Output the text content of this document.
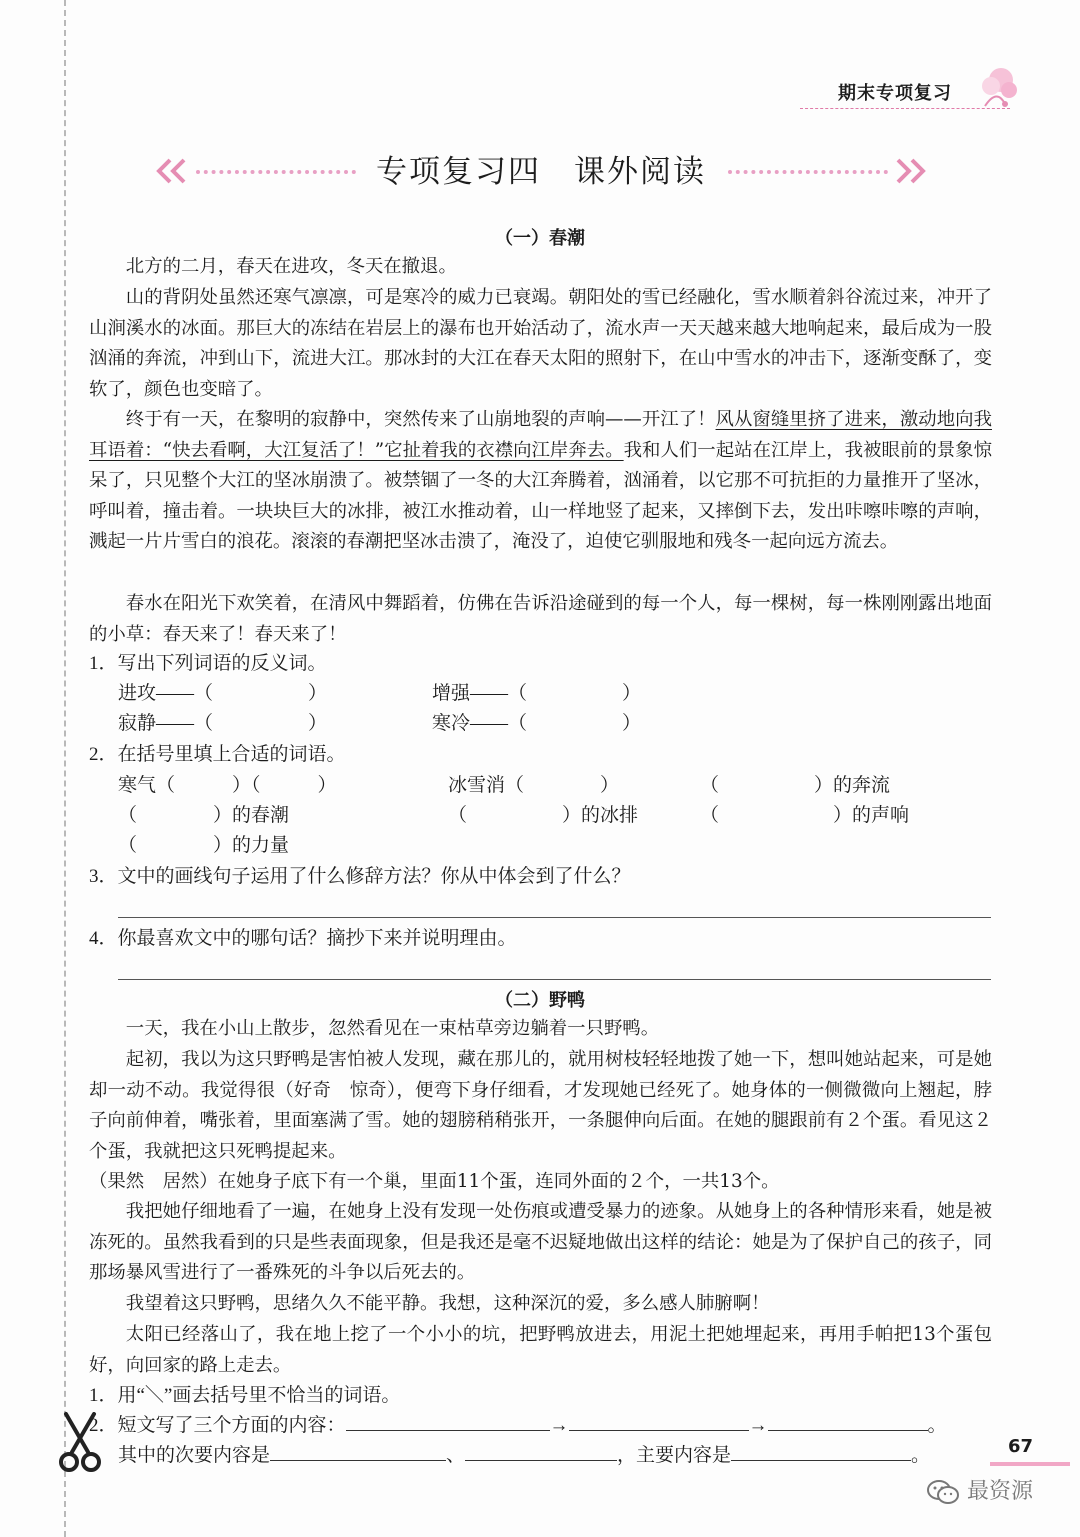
期末专项复习
专项复习四　课外阅读
（一）春潮

北方的二月，春天在进攻，冬天在撤退。

山的背阴处虽然还寒气凛凛，可是寒冷的威力已衰竭。朝阳处的雪已经融化，雪水顺着斜谷流过来，冲开了山涧溪水的冰面。那巨大的冻结在岩层上的瀑布也开始活动了，流水声一天天越来越大地响起来，最后成为一股汹涌的奔流，冲到山下，流进大江。那冰封的大江在春天太阳的照射下，在山中雪水的冲击下，逐渐变酥了，变软了，颜色也变暗了。

终于有一天，在黎明的寂静中，突然传来了山崩地裂的声响——开江了！风从窗缝里挤了进来，激动地向我耳语着：“快去看啊，大江复活了！”它扯着我的衣襟向江岸奔去。我和人们一起站在江岸上，我被眼前的景象惊呆了，只见整个大江的坚冰崩溃了。被禁锢了一冬的大江奔腾着，汹涌着，以它那不可抗拒的力量推开了坚冰，呼叫着，撞击着。一块块巨大的冰排，被江水推动着，山一样地竖了起来，又摔倒下去，发出咔嚓咔嚓的声响，溅起一片片雪白的浪花。滚滚的春潮把坚冰击溃了，淹没了，迫使它驯服地和残冬一起向远方流去。

春水在阳光下欢笑着，在清风中舞蹈着，仿佛在告诉沿途碰到的每一个人，每一棵树，每一株刚刚露出地面的小草：春天来了！春天来了！

1．写出下列词语的反义词。
进攻——（　　　　　）	增强——（　　　　　）
寂静——（　　　　　）	寒冷——（　　　　　）
2．在括号里填上合适的词语。
寒气（　　　）（　　　）	冰雪消（　　　　）	（　　　　　）的奔流
（　　　　）的春潮	（　　　　　）的冰排	（　　　　　　）的声响
（　　　　）的力量
3．文中的画线句子运用了什么修辞方法？你从中体会到了什么？
4．你最喜欢文中的哪句话？摘抄下来并说明理由。
（二）野鸭

一天，我在小山上散步，忽然看见在一束枯草旁边躺着一只野鸭。

起初，我以为这只野鸭是害怕被人发现，藏在那儿的，就用树枝轻轻地拨了她一下，想叫她站起来，可是她却一动不动。我觉得很（好奇　惊奇），便弯下身仔细看，才发现她已经死了。她身体的一侧微微向上翘起，脖子向前伸着，嘴张着，里面塞满了雪。她的翅膀稍稍张开，一条腿伸向后面。在她的腿跟前有２个蛋。看见这２个蛋，我就把这只死鸭提起来。

（果然　居然）在她身子底下有一个巢，里面11个蛋，连同外面的２个，一共13个。

我把她仔细地看了一遍，在她身上没有发现一处伤痕或遭受暴力的迹象。从她身上的各种情形来看，她是被冻死的。虽然我看到的只是些表面现象，但是我还是毫不迟疑地做出这样的结论：她是为了保护自己的孩子，同那场暴风雪进行了一番殊死的斗争以后死去的。

我望着这只野鸭，思绪久久不能平静。我想，这种深沉的爱，多么感人肺腑啊！

太阳已经落山了，我在地上挖了一个小小的坑，把野鸭放进去，用泥土把她埋起来，再用手帕把13个蛋包好，向回家的路上走去。

1．用“＼”画去括号里不恰当的词语。
2．短文写了三个方面的内容：	→	→	。
其中的次要内容是	、	，主要内容是	。	67
最资源
